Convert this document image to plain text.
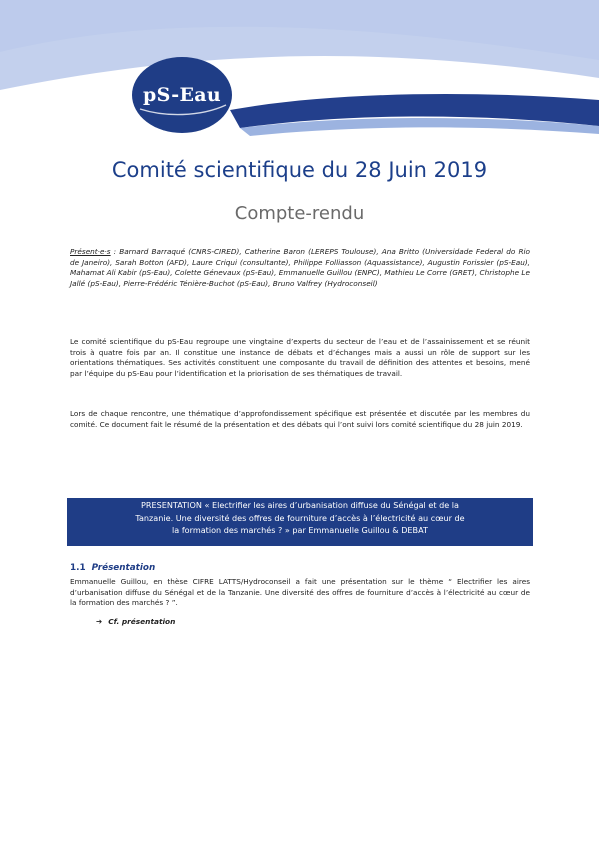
pS-Eau
Comité scientifique du 28 Juin 2019
Compte-rendu
Présent·e·s : Barnard Barraqué (CNRS-CIRED), Catherine Baron (LEREPS Toulouse), Ana Britto (Universidade Federal do Rio de Janeiro), Sarah Botton (AFD), Laure Criqui (consultante), Philippe Folliasson (Aquassistance), Augustin Forissier (pS-Eau), Mahamat Ali Kabir (pS-Eau), Colette Génevaux (pS-Eau), Emmanuelle Guillou (ENPC), Mathieu Le Corre (GRET), Christophe Le Jallé (pS-Eau), Pierre-Frédéric Ténière-Buchot (pS-Eau), Bruno Valfrey (Hydroconseil)
Le comité scientifique du pS-Eau regroupe une vingtaine d’experts du secteur de l’eau et de l’assainissement et se réunit trois à quatre fois par an. Il constitue une instance de débats et d’échanges mais a aussi un rôle de support sur les orientations thématiques. Ses activités constituent une composante du travail de définition des attentes et besoins, mené par l’équipe du pS-Eau pour l’identification et la priorisation de ses thématiques de travail.
Lors de chaque rencontre, une thématique d’approfondissement spécifique est présentée et discutée par les membres du comité. Ce document fait le résumé de la présentation et des débats qui l’ont suivi lors comité scientifique du 28 juin 2019.
PRESENTATION « Electrifier les aires d’urbanisation diffuse du Sénégal et de la
Tanzanie. Une diversité des offres de fourniture d’accès à l’électricité au cœur de
la formation des marchés ? » par Emmanuelle Guillou & DEBAT
1.1 Présentation
Emmanuelle Guillou, en thèse CIFRE LATTS/Hydroconseil a fait une présentation sur le thème “ Electrifier les aires d’urbanisation diffuse du Sénégal et de la Tanzanie. Une diversité des offres de fourniture d’accès à l’électricité au cœur de la formation des marchés ? ”.
➔ Cf. présentation
